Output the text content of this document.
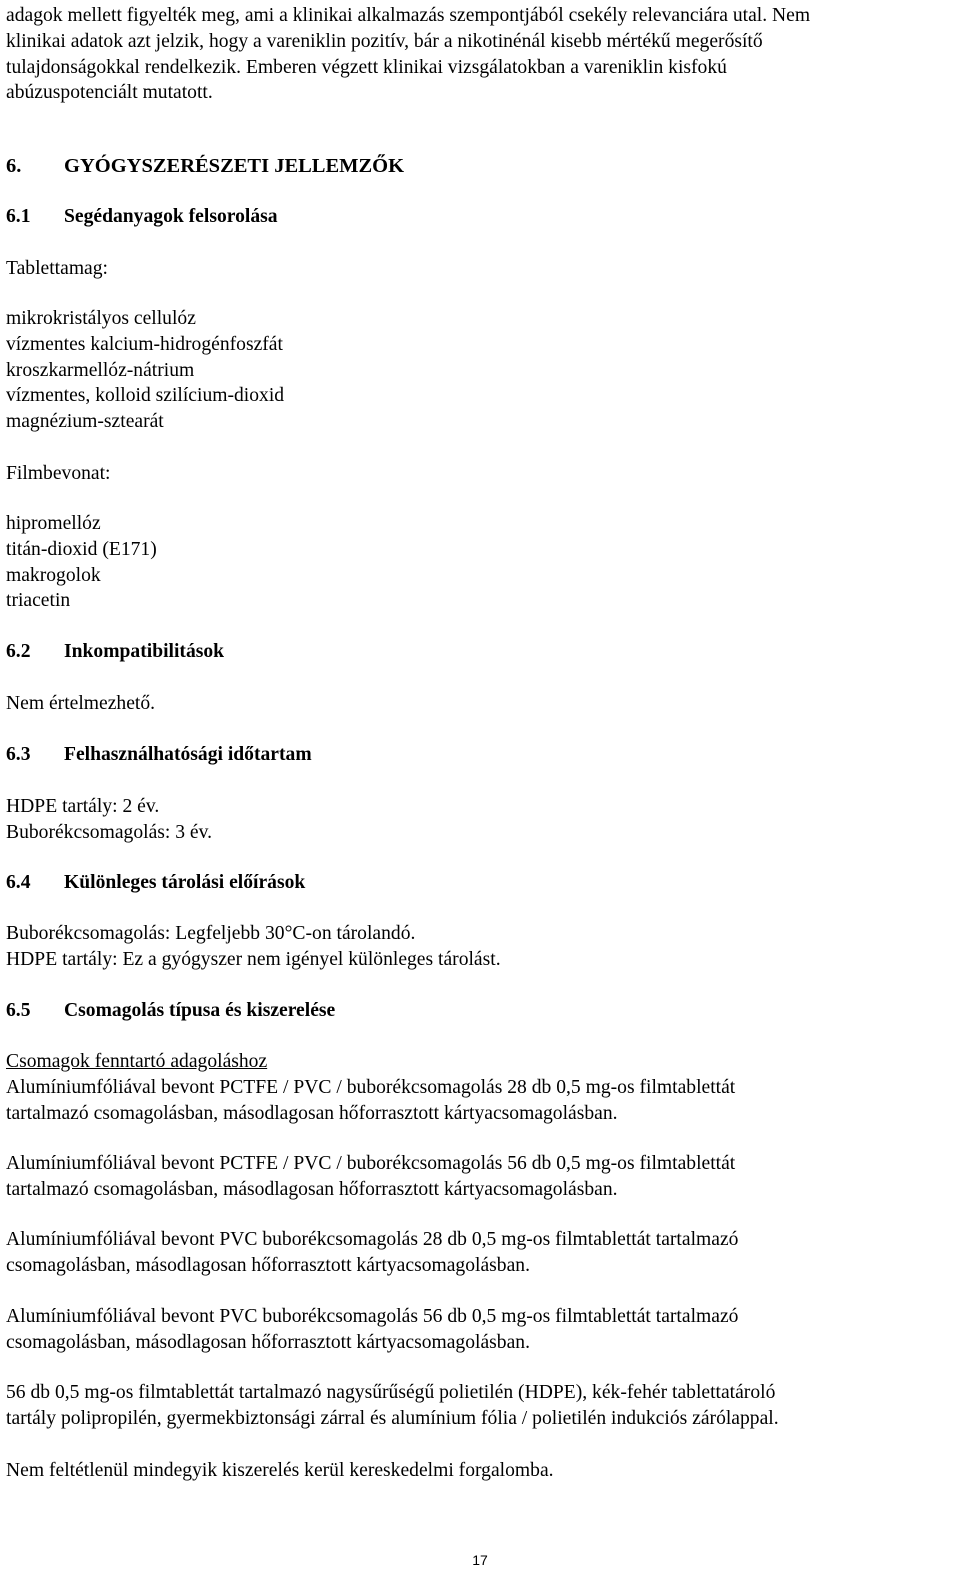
adagok mellett figyelték meg, ami a klinikai alkalmazás szempontjából csekély relevanciára utal. Nem
klinikai adatok azt jelzik, hogy a vareniklin pozitív, bár a nikotinénál kisebb mértékű megerősítő
tulajdonságokkal rendelkezik. Emberen végzett klinikai vizsgálatokban a vareniklin kisfokú
abúzuspotenciált mutatott.
6. GYÓGYSZERÉSZETI JELLEMZŐK
6.1 Segédanyagok felsorolása
Tablettamag:
mikrokristályos cellulóz
vízmentes kalcium-hidrogénfoszfát
kroszkarmellóz-nátrium
vízmentes, kolloid szilícium-dioxid
magnézium-sztearát
Filmbevonat:
hipromellóz
titán-dioxid (E171)
makrogolok
triacetin
6.2 Inkompatibilitások
Nem értelmezhető.
6.3 Felhasználhatósági időtartam
HDPE tartály: 2 év.
Buborékcsomagolás: 3 év.
6.4 Különleges tárolási előírások
Buborékcsomagolás: Legfeljebb 30°C-on tárolandó.
HDPE tartály: Ez a gyógyszer nem igényel különleges tárolást.
6.5 Csomagolás típusa és kiszerelése
Csomagok fenntartó adagoláshoz
Alumíniumfóliával bevont PCTFE / PVC / buborékcsomagolás 28 db 0,5 mg-os filmtablettát
tartalmazó csomagolásban, másodlagosan hőforrasztott kártyacsomagolásban.
Alumíniumfóliával bevont PCTFE / PVC / buborékcsomagolás 56 db 0,5 mg-os filmtablettát
tartalmazó csomagolásban, másodlagosan hőforrasztott kártyacsomagolásban.
Alumíniumfóliával bevont PVC buborékcsomagolás 28 db 0,5 mg-os filmtablettát tartalmazó
csomagolásban, másodlagosan hőforrasztott kártyacsomagolásban.
Alumíniumfóliával bevont PVC buborékcsomagolás 56 db 0,5 mg-os filmtablettát tartalmazó
csomagolásban, másodlagosan hőforrasztott kártyacsomagolásban.
56 db 0,5 mg-os filmtablettát tartalmazó nagysűrűségű polietilén (HDPE), kék-fehér tablettatároló
tartály polipropilén, gyermekbiztonsági zárral és alumínium fólia / polietilén indukciós zárólappal.
Nem feltétlenül mindegyik kiszerelés kerül kereskedelmi forgalomba.
17
